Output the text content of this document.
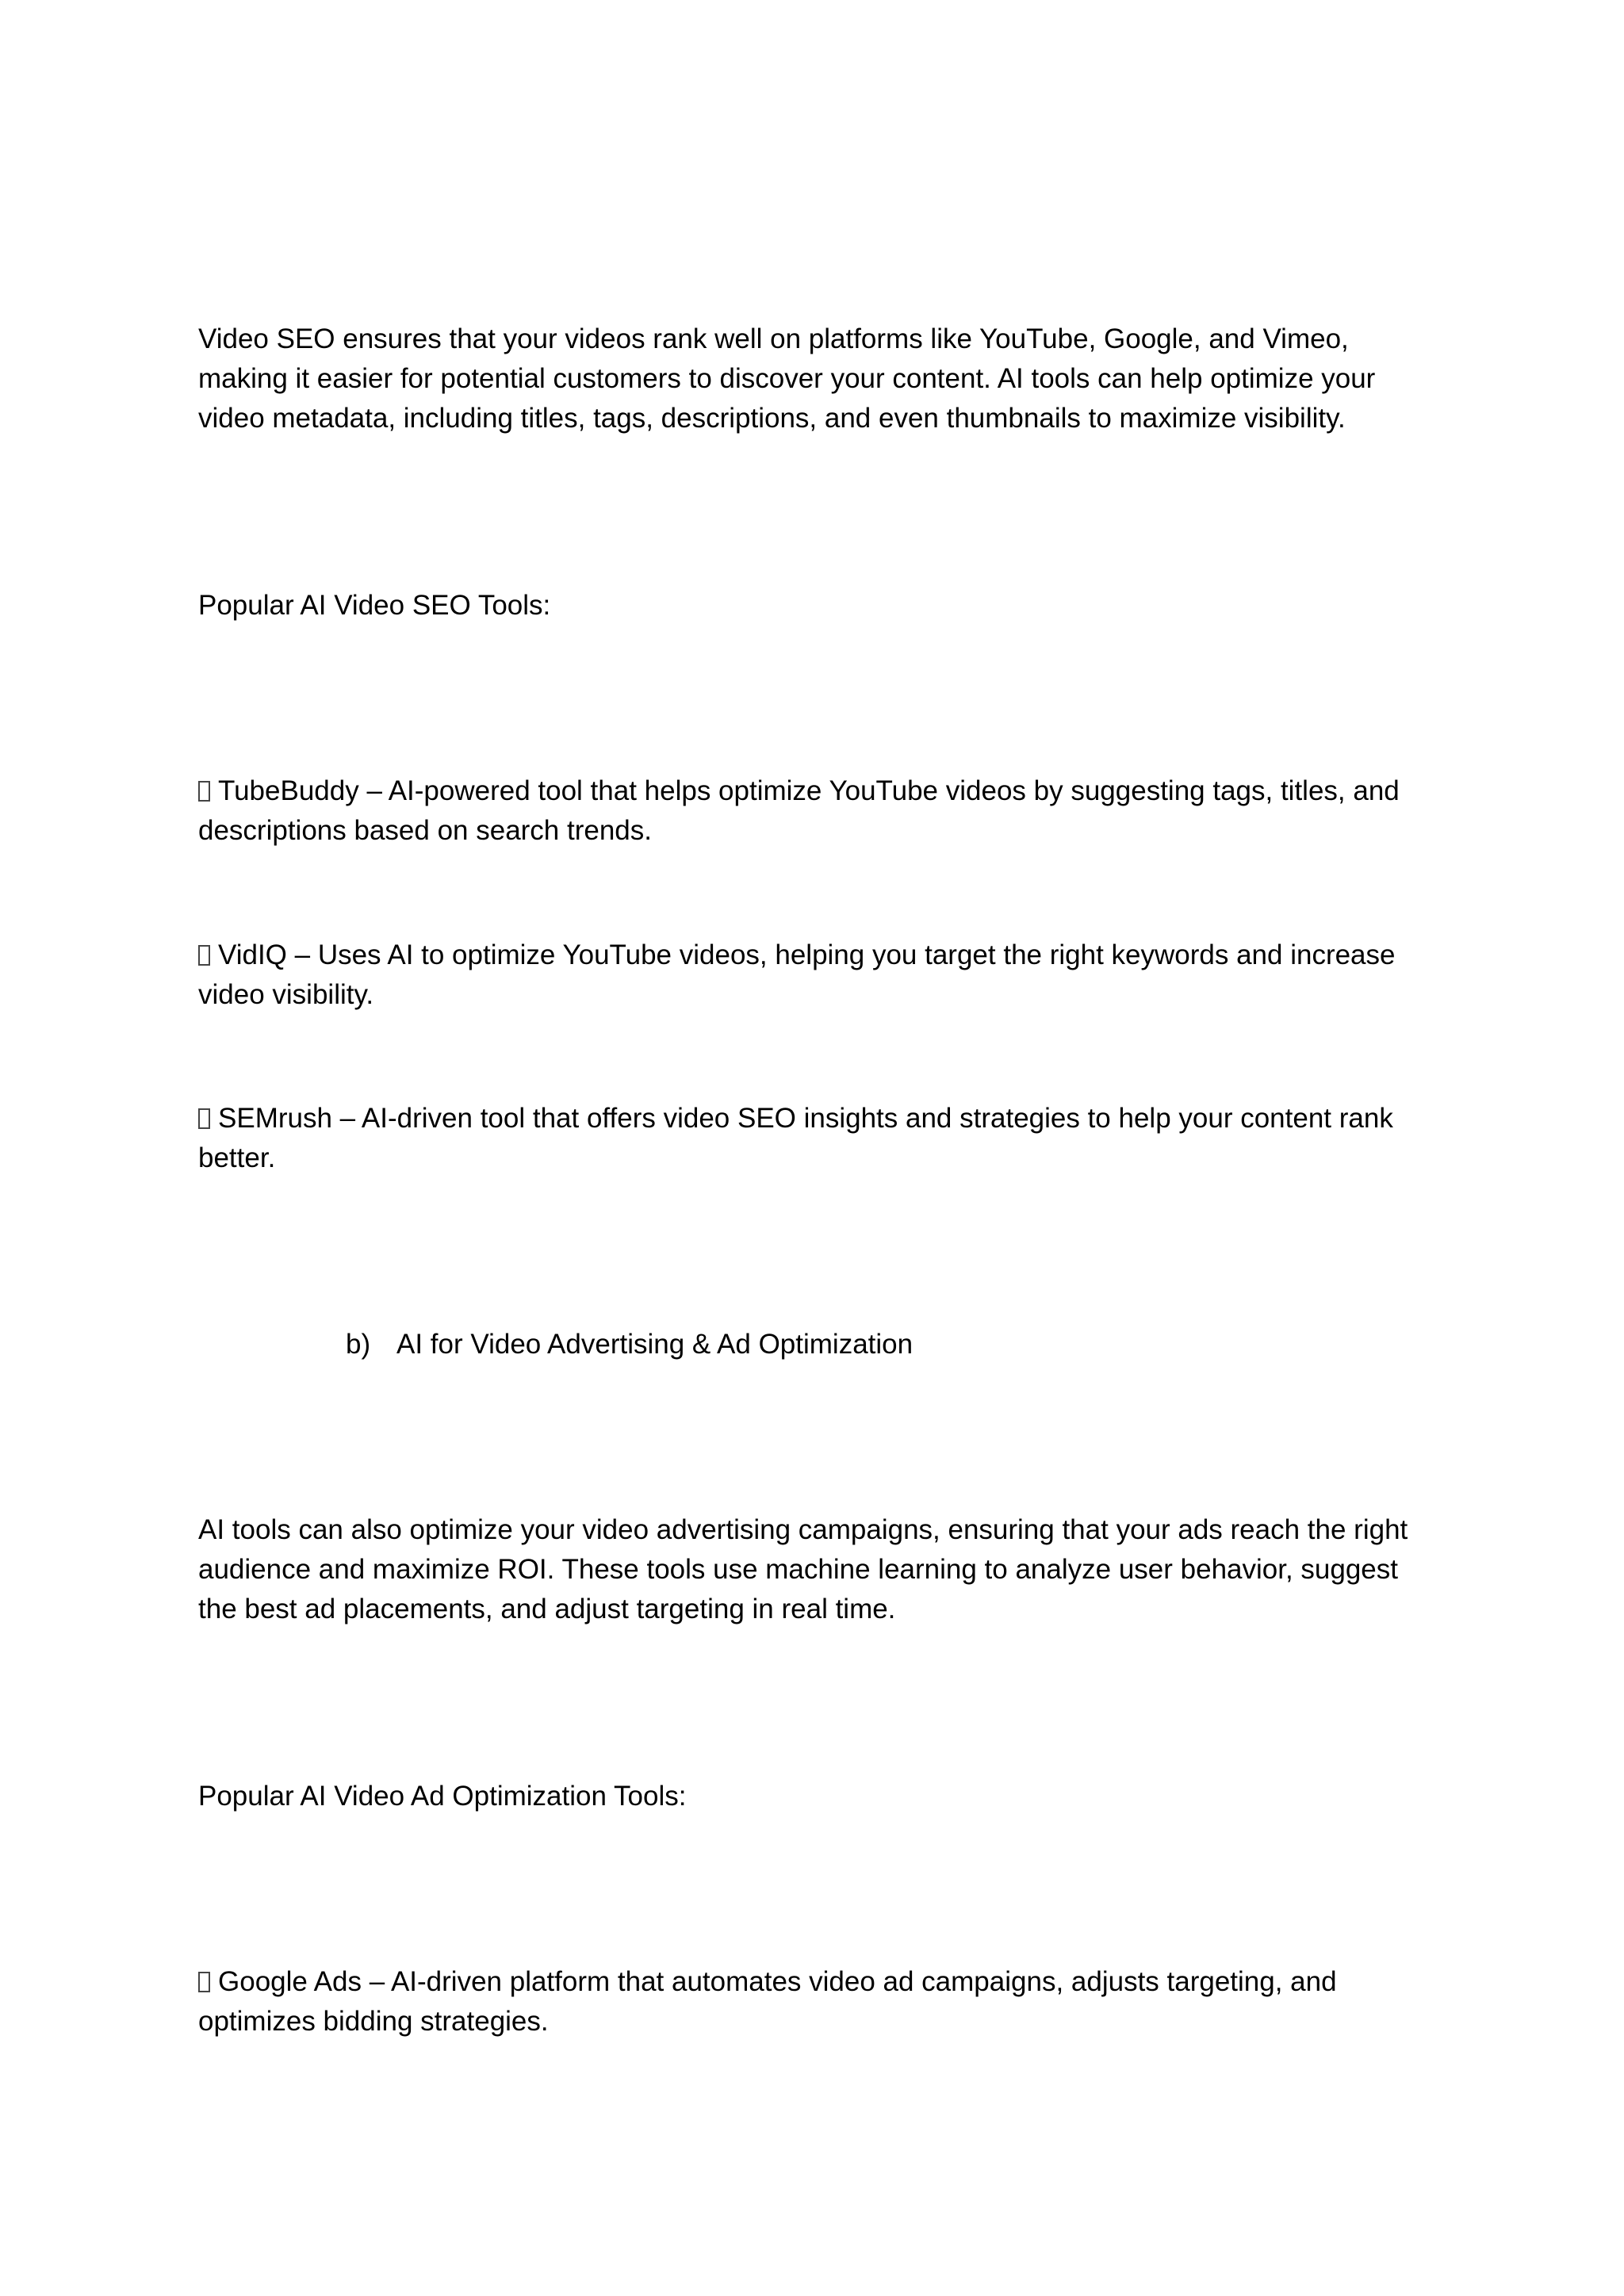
Video SEO ensures that your videos rank well on platforms like YouTube, Google, and Vimeo, making it easier for potential customers to discover your content. AI tools can help optimize your video metadata, including titles, tags, descriptions, and even thumbnails to maximize visibility.

Popular AI Video SEO Tools:

TubeBuddy – AI-powered tool that helps optimize YouTube videos by suggesting tags, titles, and descriptions based on search trends.

VidIQ – Uses AI to optimize YouTube videos, helping you target the right keywords and increase video visibility.

SEMrush – AI-driven tool that offers video SEO insights and strategies to help your content rank better.

b) AI for Video Advertising & Ad Optimization

AI tools can also optimize your video advertising campaigns, ensuring that your ads reach the right audience and maximize ROI. These tools use machine learning to analyze user behavior, suggest the best ad placements, and adjust targeting in real time.

Popular AI Video Ad Optimization Tools:

Google Ads – AI-driven platform that automates video ad campaigns, adjusts targeting, and optimizes bidding strategies.
